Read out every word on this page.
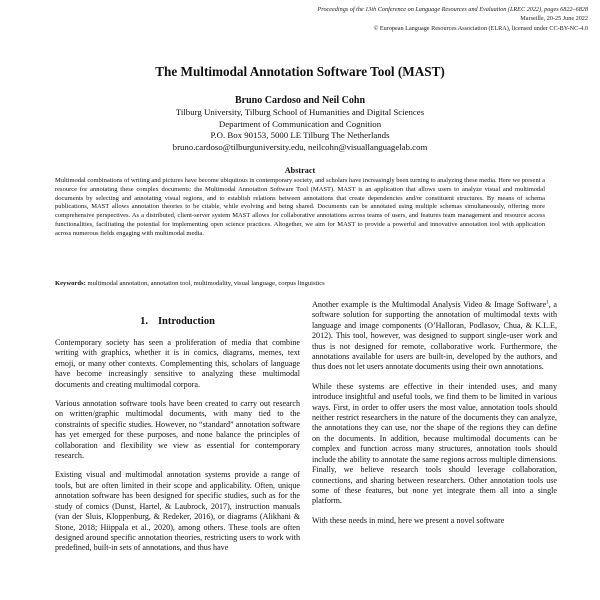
Proceedings of the 13th Conference on Language Resources and Evaluation (LREC 2022), pages 6822–6828
Marseille, 20-25 June 2022
© European Language Resources Association (ELRA), licensed under CC-BY-NC-4.0
The Multimodal Annotation Software Tool (MAST)
Bruno Cardoso and Neil Cohn
Tilburg University, Tilburg School of Humanities and Digital Sciences
Department of Communication and Cognition
P.O. Box 90153, 5000 LE Tilburg The Netherlands
bruno.cardoso@tilburguniversity.edu, neilcohn@visuallanguagelab.com
Abstract
Multimodal combinations of writing and pictures have become ubiquitous in contemporary society, and scholars have increasingly been turning to analyzing these media. Here we present a resource for annotating these complex documents: the Multimodal Annotation Software Tool (MAST). MAST is an application that allows users to analyze visual and multimodal documents by selecting and annotating visual regions, and to establish relations between annotations that create dependencies and/or constituent structures. By means of schema publications, MAST allows annotation theories to be citable, while evolving and being shared. Documents can be annotated using multiple schemas simultaneously, offering more comprehensive perspectives. As a distributed, client-server system MAST allows for collaborative annotations across teams of users, and features team management and resource access functionalities, facilitating the potential for implementing open science practices. Altogether, we aim for MAST to provide a powerful and innovative annotation tool with application across numerous fields engaging with multimodal media.
Keywords: multimodal annotation, annotation tool, multimodality, visual language, corpus linguistics
1. Introduction

Contemporary society has seen a proliferation of media that combine writing with graphics, whether it is in comics, diagrams, memes, text emoji, or many other contexts. Complementing this, scholars of language have become increasingly sensitive to analyzing these multimodal documents and creating multimodal corpora.

Various annotation software tools have been created to carry out research on written/graphic multimodal documents, with many tied to the constraints of specific studies. However, no “standard” annotation software has yet emerged for these purposes, and none balance the principles of collaboration and flexibility we view as essential for contemporary research.

Existing visual and multimodal annotation systems provide a range of tools, but are often limited in their scope and applicability. Often, unique annotation software has been designed for specific studies, such as for the study of comics (Dunst, Hartel, & Laubrock, 2017), instruction manuals (van der Sluis, Kloppenburg, & Redeker, 2016), or diagrams (Alikhani & Stone, 2018; Hiippala et al., 2020), among others. These tools are often designed around specific annotation theories, restricting users to work with predefined, built-in sets of annotations, and thus have

Another example is the Multimodal Analysis Video & Image Software$^1$, a software solution for supporting the annotation of multimodal texts with language and image components (O’Halloran, Podlasov, Chua, & K.L.E, 2012). This tool, however, was designed to support single-user work and thus is not designed for remote, collaborative work. Furthermore, the annotations available for users are built-in, developed by the authors, and thus does not let users annotate documents using their own annotations.

While these systems are effective in their intended uses, and many introduce insightful and useful tools, we find them to be limited in various ways. First, in order to offer users the most value, annotation tools should neither restrict researchers in the nature of the documents they can analyze, the annotations they can use, nor the shape of the regions they can define on the documents. In addition, because multimodal documents can be complex and function across many structures, annotation tools should include the ability to annotate the same regions across multiple dimensions. Finally, we believe research tools should leverage collaboration, connections, and sharing between researchers. Other annotation tools use some of these features, but none yet integrate them all into a single platform.

With these needs in mind, here we present a novel software
